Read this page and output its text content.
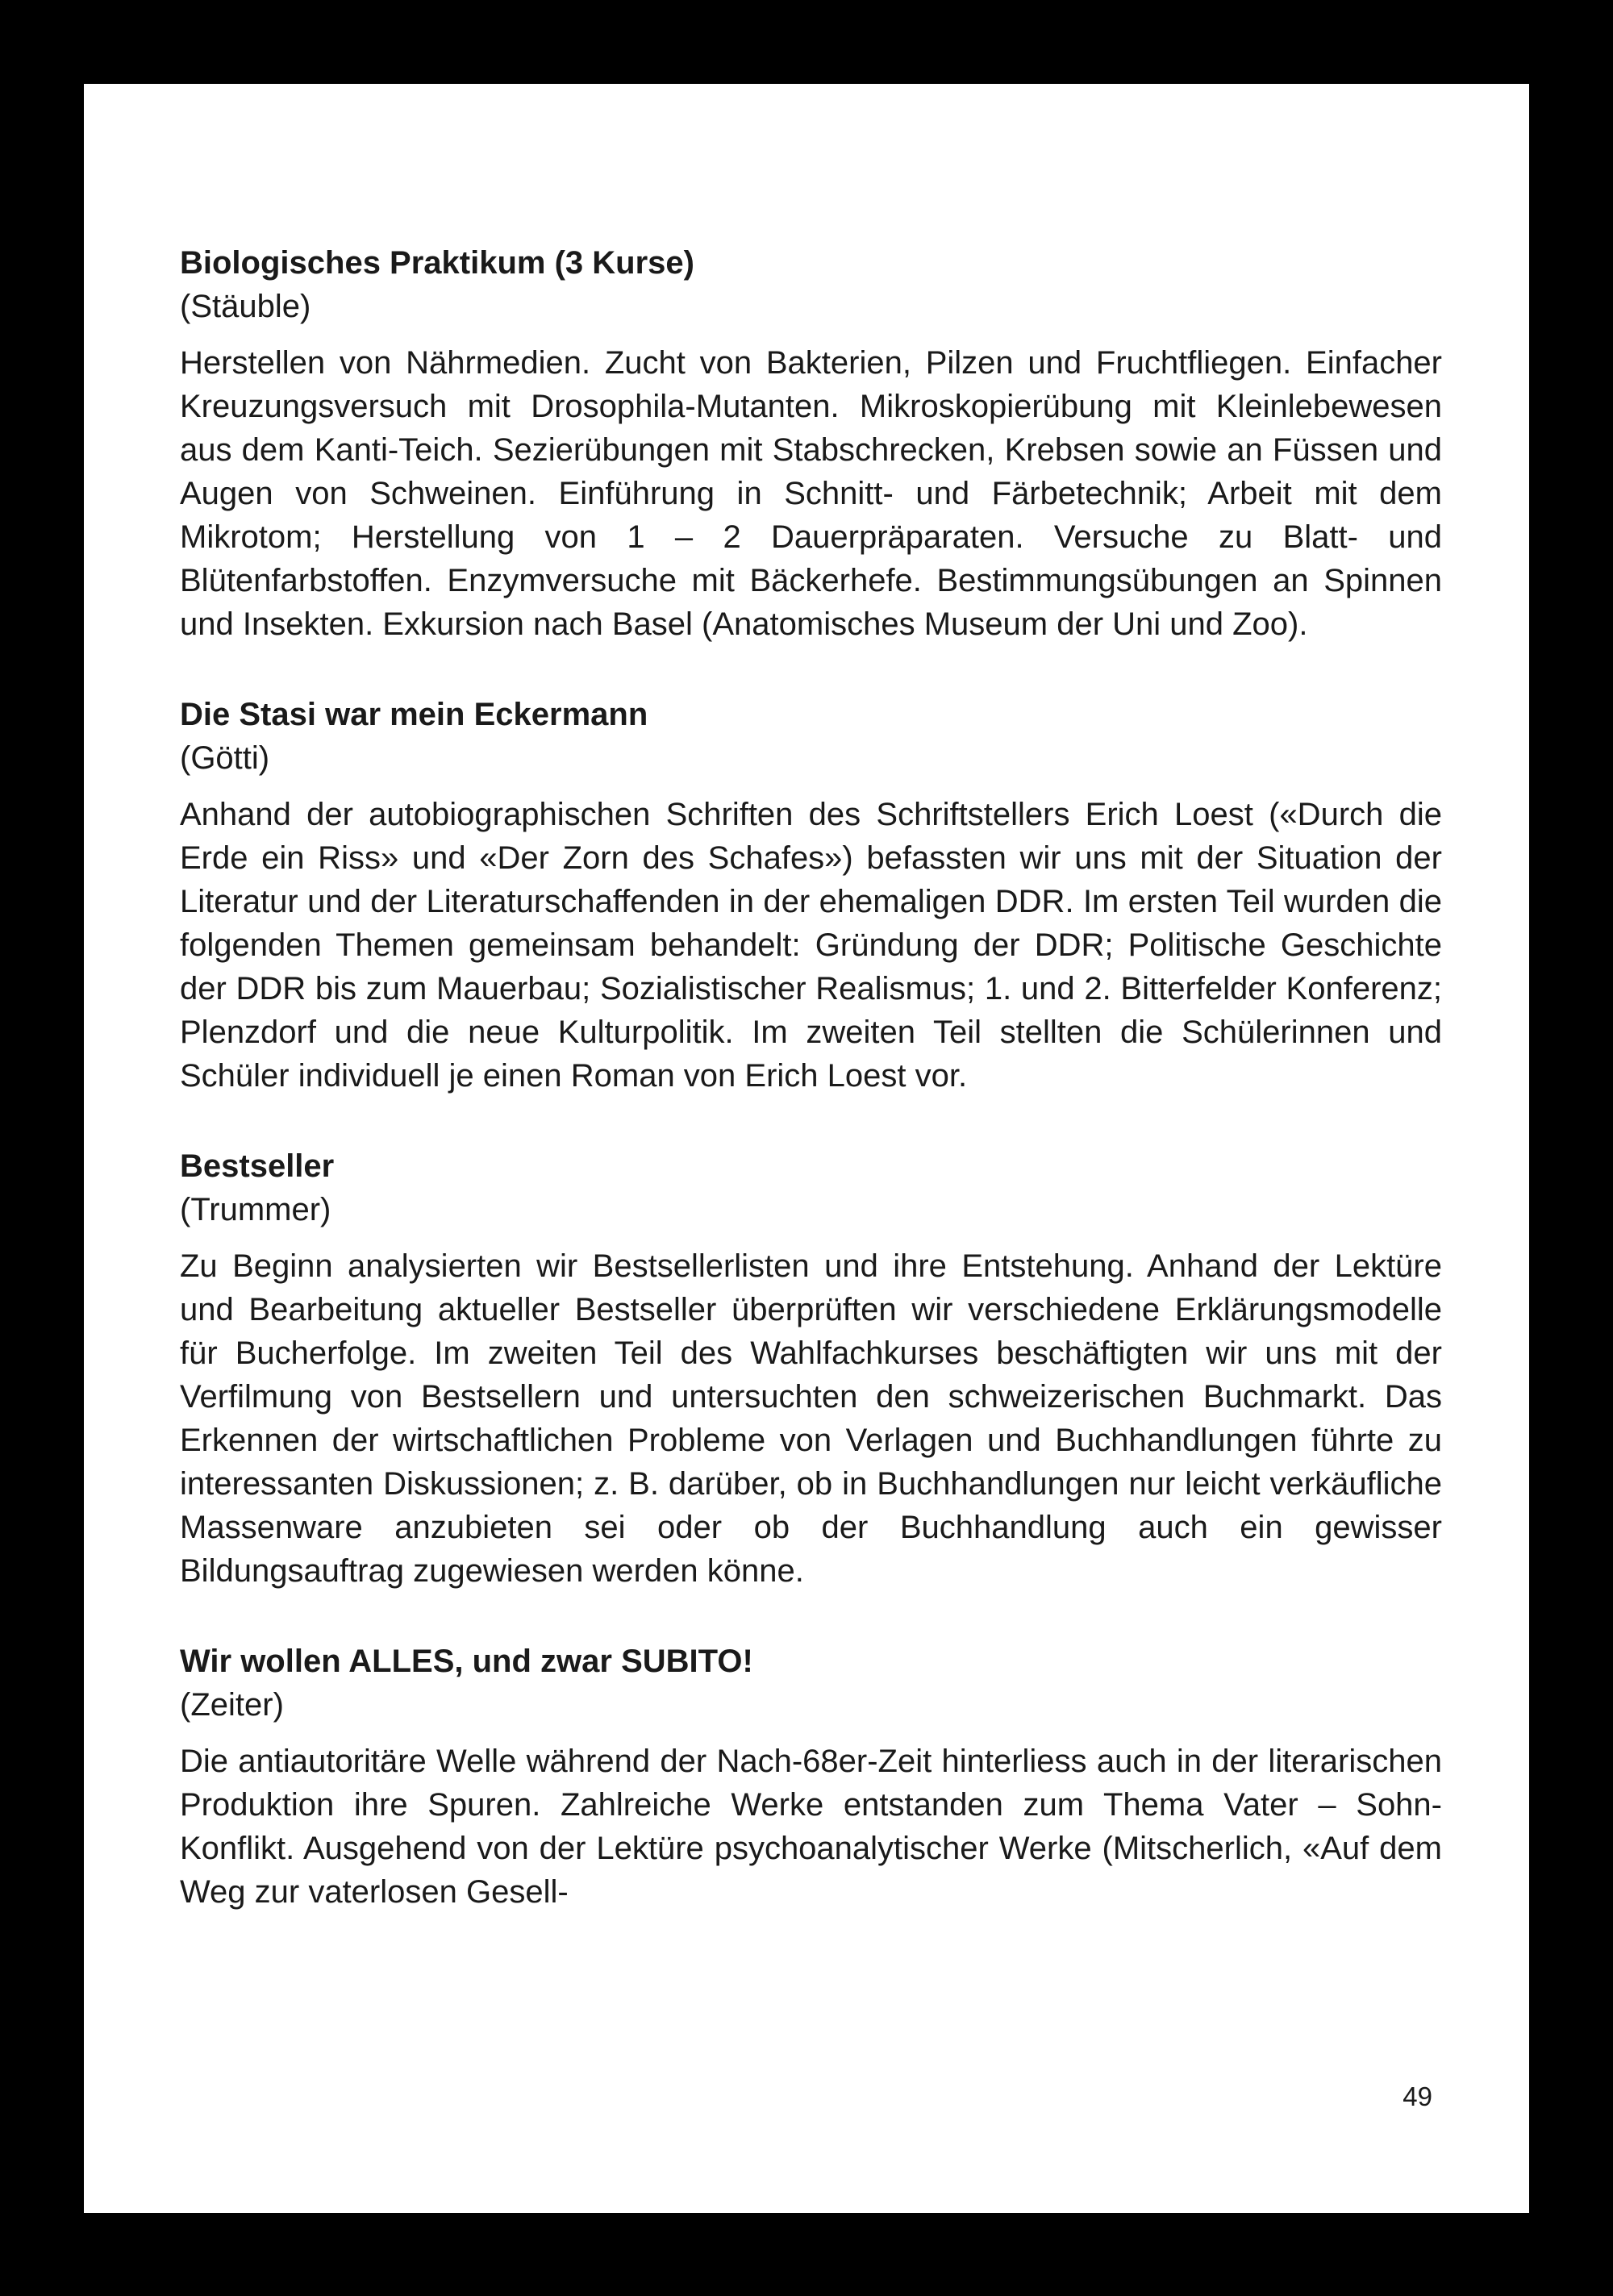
Biologisches Praktikum (3 Kurse)

(Stäuble)

Herstellen von Nährmedien. Zucht von Bakterien, Pilzen und Fruchtfliegen. Einfacher Kreuzungsversuch mit Drosophila-Mutanten. Mikroskopierübung mit Kleinlebewesen aus dem Kanti-Teich. Sezierübungen mit Stabschrecken, Krebsen sowie an Füssen und Augen von Schweinen. Einführung in Schnitt- und Färbetechnik; Arbeit mit dem Mikrotom; Herstellung von 1 – 2 Dauerpräparaten. Versuche zu Blatt- und Blütenfarbstoffen. Enzymversuche mit Bäckerhefe. Bestimmungsübungen an Spinnen und Insekten. Exkursion nach Basel (Anatomisches Museum der Uni und Zoo).

Die Stasi war mein Eckermann

(Götti)

Anhand der autobiographischen Schriften des Schriftstellers Erich Loest («Durch die Erde ein Riss» und «Der Zorn des Schafes») befassten wir uns mit der Situation der Literatur und der Literaturschaffenden in der ehemaligen DDR. Im ersten Teil wurden die folgenden Themen gemeinsam behandelt: Gründung der DDR; Politische Geschichte der DDR bis zum Mauerbau; Sozialistischer Realismus; 1. und 2. Bitterfelder Konferenz; Plenzdorf und die neue Kulturpolitik. Im zweiten Teil stellten die Schülerinnen und Schüler individuell je einen Roman von Erich Loest vor.

Bestseller

(Trummer)

Zu Beginn analysierten wir Bestsellerlisten und ihre Entstehung. Anhand der Lektüre und Bearbeitung aktueller Bestseller überprüften wir verschiedene Erklärungsmodelle für Bucherfolge. Im zweiten Teil des Wahlfachkurses beschäftigten wir uns mit der Verfilmung von Bestsellern und untersuchten den schweizerischen Buchmarkt. Das Erkennen der wirtschaftlichen Probleme von Verlagen und Buchhandlungen führte zu interessanten Diskussionen; z. B. darüber, ob in Buchhandlungen nur leicht verkäufliche Massenware anzubieten sei oder ob der Buchhandlung auch ein gewisser Bildungsauftrag zugewiesen werden könne.

Wir wollen ALLES, und zwar SUBITO!

(Zeiter)

Die antiautoritäre Welle während der Nach-68er-Zeit hinterliess auch in der literarischen Produktion ihre Spuren. Zahlreiche Werke entstanden zum Thema Vater – Sohn-Konflikt. Ausgehend von der Lektüre psychoanalytischer Werke (Mitscherlich, «Auf dem Weg zur vaterlosen Gesell-

49
